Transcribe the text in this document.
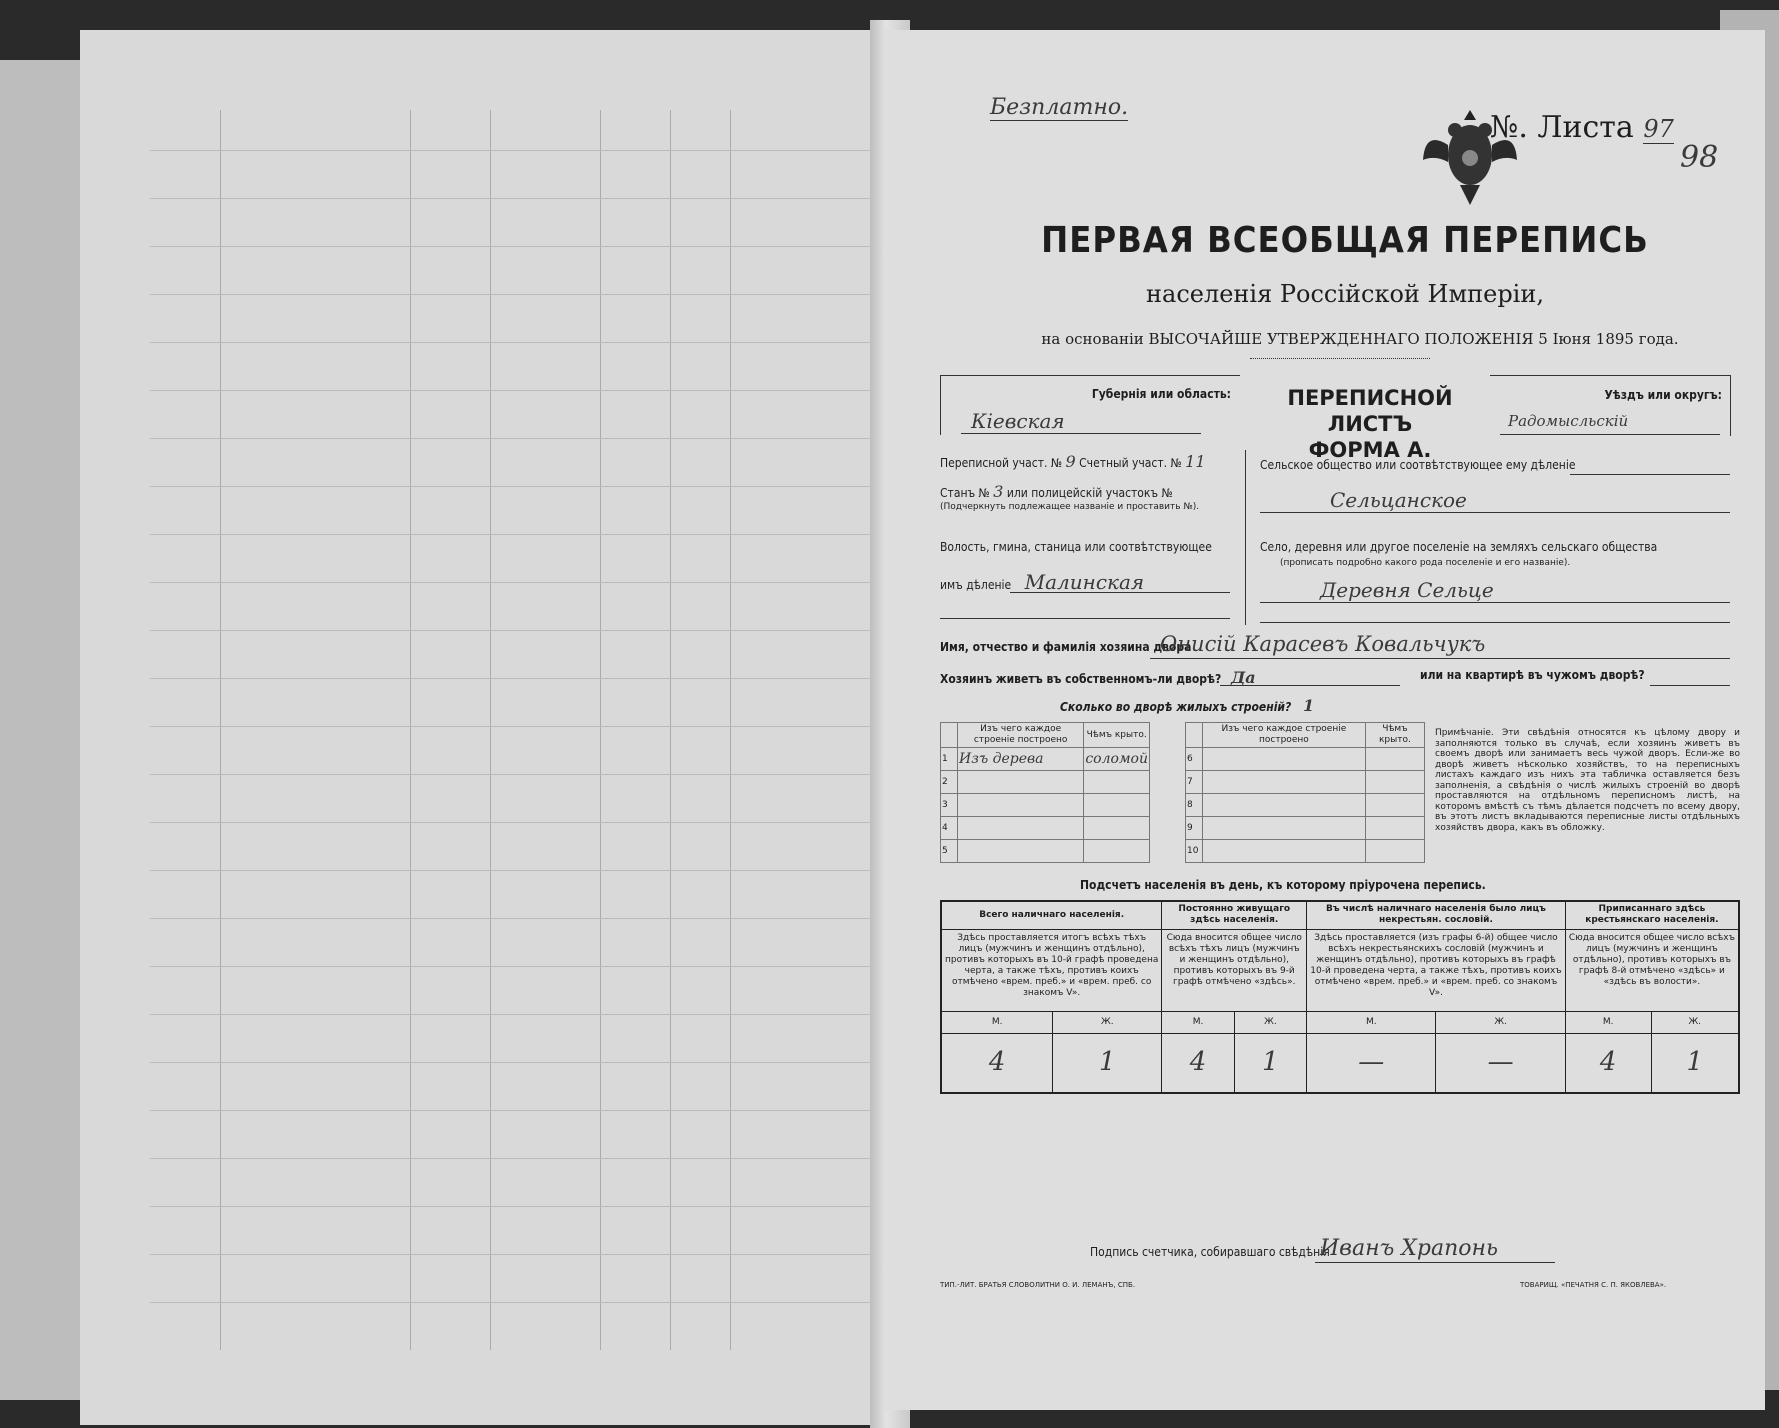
Безплатно.
№. Листа 97
98
ПЕРВАЯ ВСЕОБЩАЯ ПЕРЕПИСЬ
населенія Россійской Имперіи,
на основаніи ВЫСОЧАЙШЕ УТВЕРЖДЕННАГО ПОЛОЖЕНІЯ 5 Іюня 1895 года.
Губернія или область:
Кіевская
ПЕРЕПИСНОЙ ЛИСТЪ
ФОРМА А.
Уѣздъ или округъ:
Радомысльскій
Переписной участ. № 9 Счетный участ. № 11
Станъ № 3 или полицейскій участокъ №
(Подчеркнуть подлежащее названіе и проставить №).
Волость, гмина, станица или соотвѣтствующее
имъ дѣленіе Малинская
Сельское общество или соотвѣтствующее ему дѣленіе
Сельцанское
Село, деревня или другое поселеніе на земляхъ сельскаго общества
(прописать подробно какого рода поселеніе и его названіе).
Деревня Сельце
Имя, отчество и фамилія хозяина двора
Онисій Карасевъ Ковальчукъ
Хозяинъ живетъ въ собственномъ-ли дворѣ? Да	или на квартирѣ въ чужомъ дворѣ?
Сколько во дворѣ жилыхъ строеній? 1
	Изъ чего каждое строеніе построено	Чѣмъ крыто.
1	Изъ дерева	соломой
2		
3		
4		
5		
	Изъ чего каждое строеніе построено	Чѣмъ крыто.
6		
7		
8		
9		
10		
Примѣчаніе. Эти свѣдѣнія относятся къ цѣлому двору и заполняются только въ случаѣ, если хозяинъ живетъ въ своемъ дворѣ или занимаетъ весь чужой дворъ. Если-же во дворѣ живетъ нѣсколько хозяйствъ, то на переписныхъ листахъ каждаго изъ нихъ эта табличка оставляется безъ заполненія, а свѣдѣнія о числѣ жилыхъ строеній во дворѣ проставляются на отдѣльномъ переписномъ листѣ, на которомъ вмѣстѣ съ тѣмъ дѣлается подсчетъ по всему двору, въ этотъ листъ вкладываются переписные листы отдѣльныхъ хозяйствъ двора, какъ въ обложку.
Подсчетъ населенія въ день, къ которому пріурочена перепись.
Всего наличнаго населенія.		Постоянно живущаго здѣсь населенія.		Въ числѣ наличнаго населенія было лицъ некрестьян. сословій.		Приписаннаго здѣсь крестьянскаго населенія.	
Здѣсь проставляется итогъ всѣхъ тѣхъ лицъ (мужчинъ и женщинъ отдѣльно), противъ которыхъ въ 10-й графѣ проведена черта, а также тѣхъ, противъ коихъ отмѣчено «врем. преб.» и «врем. преб. со знакомъ V».		Сюда вносится общее число всѣхъ тѣхъ лицъ (мужчинъ и женщинъ отдѣльно), противъ которыхъ въ 9-й графѣ отмѣчено «здѣсь».		Здѣсь проставляется (изъ графы 6-й) общее число всѣхъ некрестьянскихъ сословій (мужчинъ и женщинъ отдѣльно), противъ которыхъ въ графѣ 10-й проведена черта, а также тѣхъ, противъ коихъ отмѣчено «врем. преб.» и «врем. преб. со знакомъ V».		Сюда вносится общее число всѣхъ лицъ (мужчинъ и женщинъ отдѣльно), противъ которыхъ въ графѣ 8-й отмѣчено «здѣсь» и «здѣсь въ волости».	
М.	Ж.	М.	Ж.	М.	Ж.	М.	Ж.
4	1	4	1	—	—	4	1
Подпись счетчика, собиравшаго свѣдѣнія
Иванъ Храпонь
ТИП.-ЛИТ. БРАТЬЯ СЛОВОЛИТНИ О. И. ЛЕМАНЪ, СПБ.	ТОВАРИЩ. «ПЕЧАТНЯ С. П. ЯКОВЛЕВА».
